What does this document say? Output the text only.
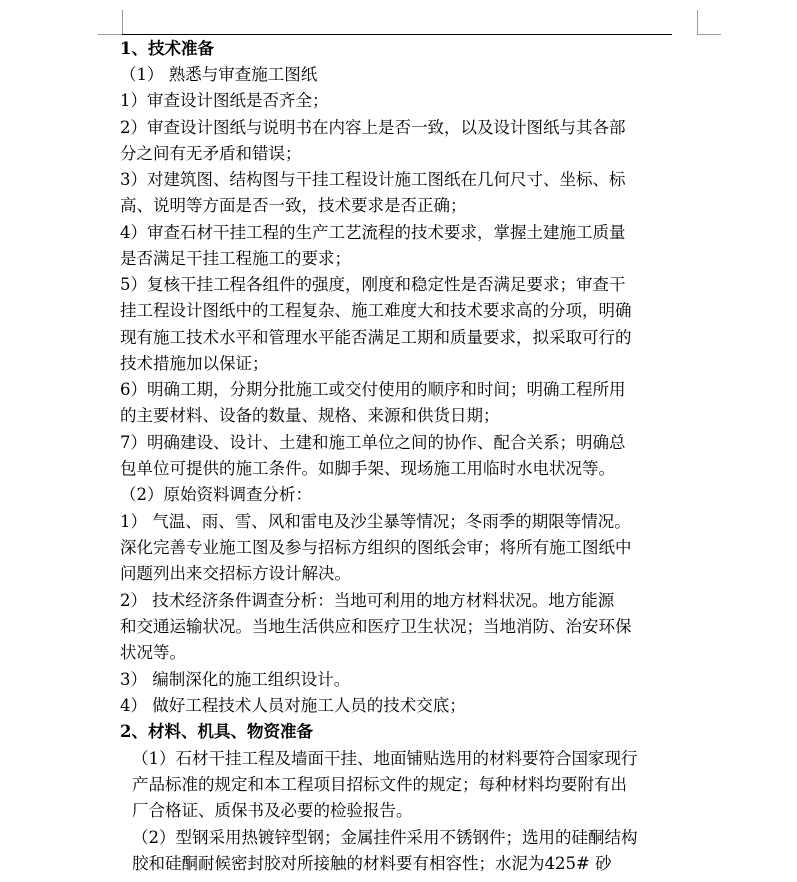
1、技术准备
（1） 熟悉与审查施工图纸
1）审查设计图纸是否齐全；
2）审查设计图纸与说明书在内容上是否一致，以及设计图纸与其各部
分之间有无矛盾和错误；
3）对建筑图、结构图与干挂工程设计施工图纸在几何尺寸、坐标、标
高、说明等方面是否一致，技术要求是否正确；
4）审查石材干挂工程的生产工艺流程的技术要求，掌握土建施工质量
是否满足干挂工程施工的要求；
5）复核干挂工程各组件的强度，刚度和稳定性是否满足要求；审查干
挂工程设计图纸中的工程复杂、施工难度大和技术要求高的分项，明确
现有施工技术水平和管理水平能否满足工期和质量要求，拟采取可行的
技术措施加以保证；
6）明确工期，分期分批施工或交付使用的顺序和时间；明确工程所用
的主要材料、设备的数量、规格、来源和供货日期；
7）明确建设、设计、土建和施工单位之间的协作、配合关系；明确总
包单位可提供的施工条件。如脚手架、现场施工用临时水电状况等。
（2）原始资料调查分析：
1） 气温、雨、雪、风和雷电及沙尘暴等情况；冬雨季的期限等情况。
深化完善专业施工图及参与招标方组织的图纸会审；将所有施工图纸中
问题列出来交招标方设计解决。
2） 技术经济条件调查分析：当地可利用的地方材料状况。地方能源
和交通运输状况。当地生活供应和医疗卫生状况；当地消防、治安环保
状况等。
3） 编制深化的施工组织设计。
4） 做好工程技术人员对施工人员的技术交底；
2、材料、机具、物资准备
（1）石材干挂工程及墙面干挂、地面铺贴选用的材料要符合国家现行
产品标准的规定和本工程项目招标文件的规定；每种材料均要附有出
厂合格证、质保书及必要的检验报告。
（2）型钢采用热镀锌型钢；金属挂件采用不锈钢件；选用的硅酮结构
胶和硅酮耐候密封胶对所接触的材料要有相容性；水泥为425# 砂
